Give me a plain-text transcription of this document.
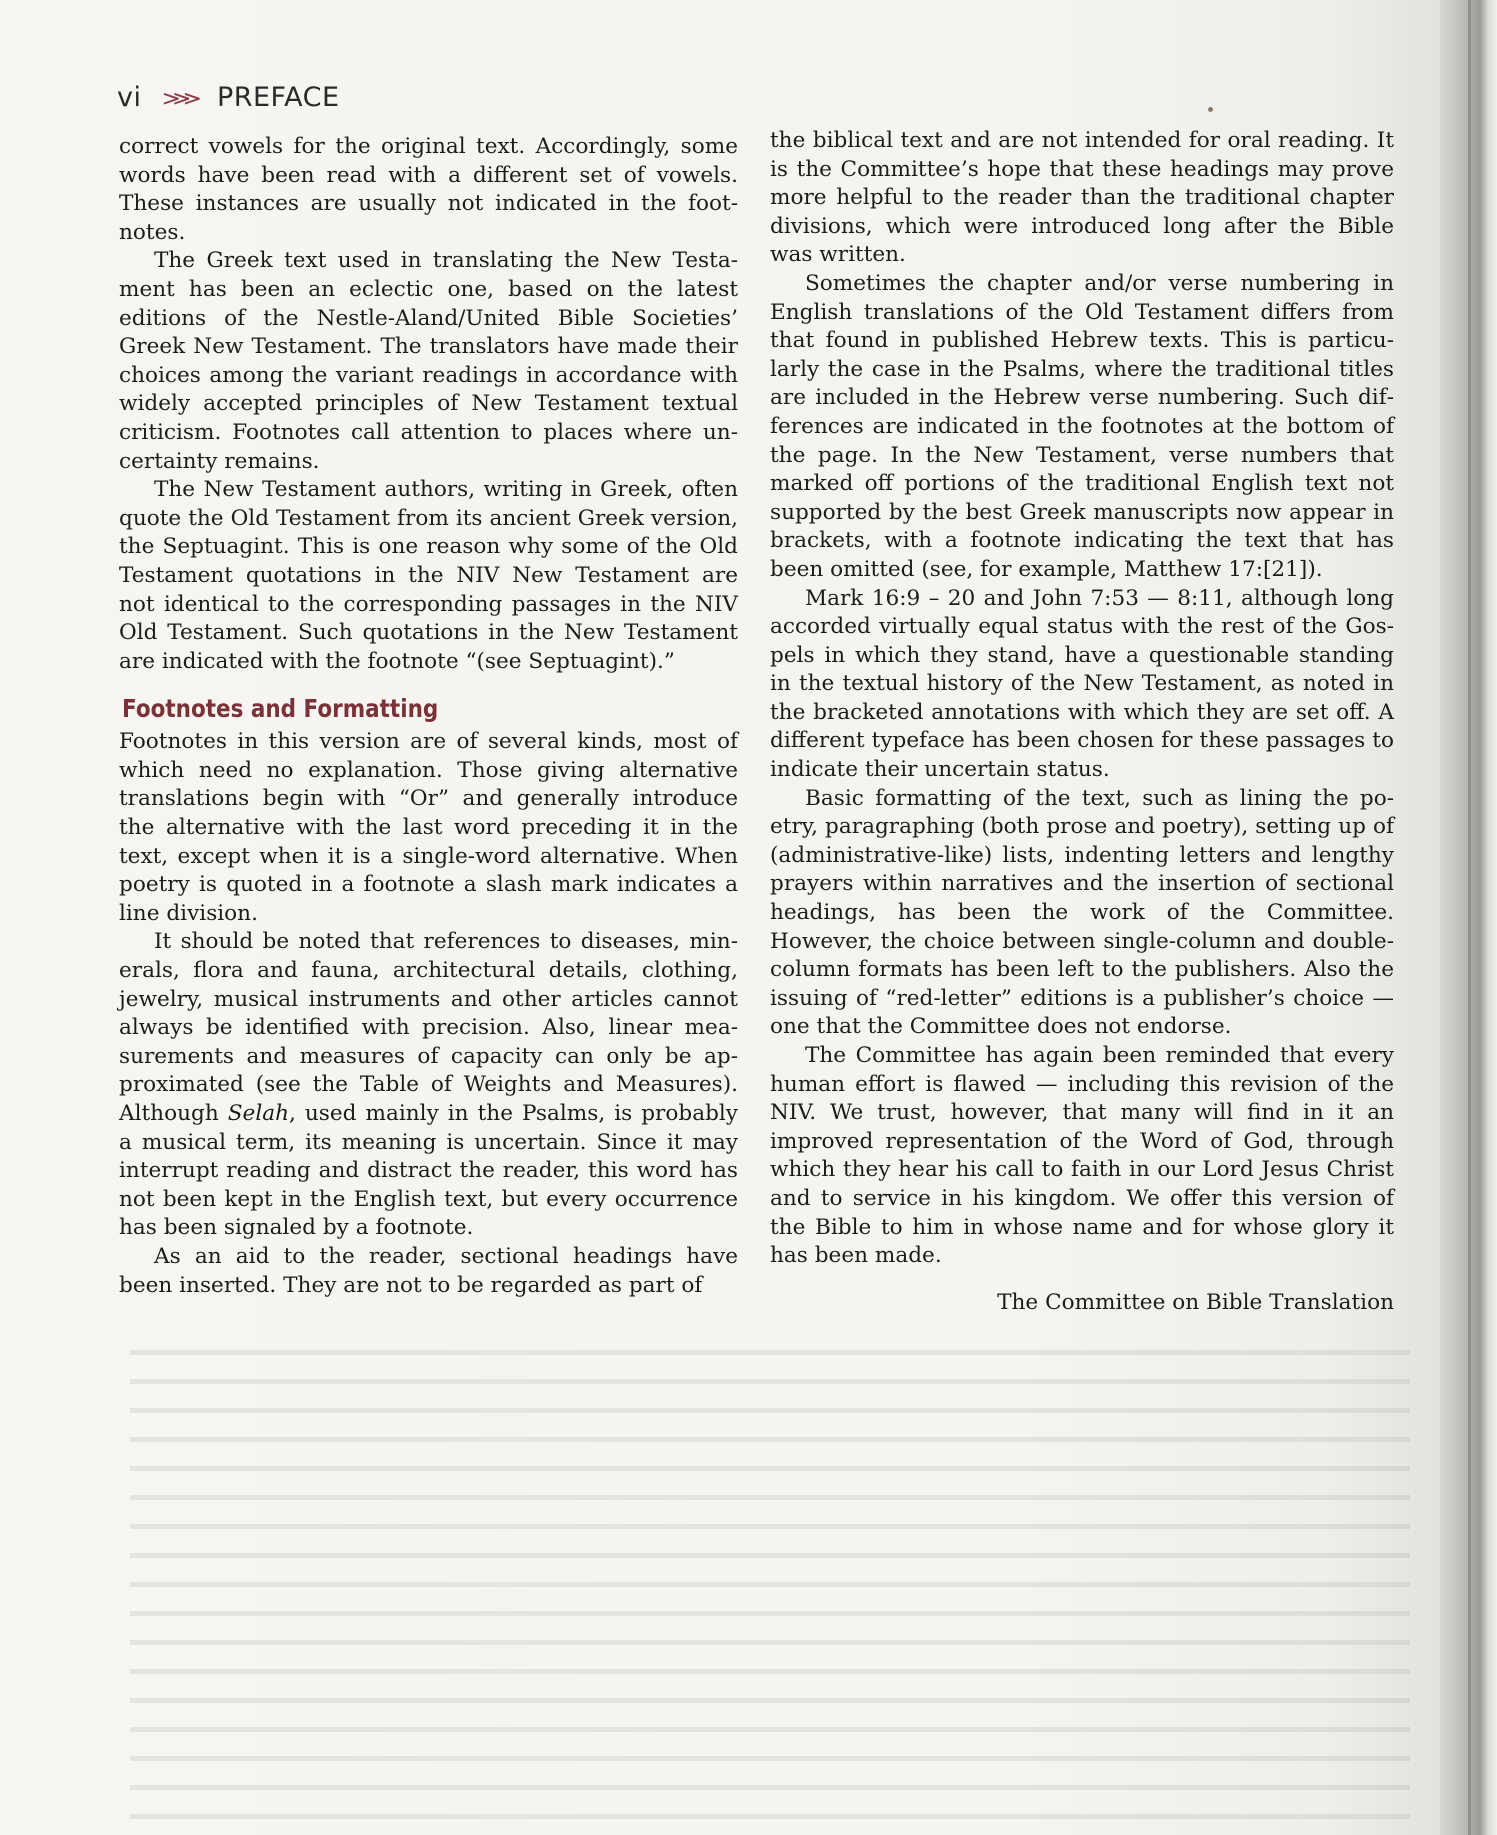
vi ⋙ PREFACE

correct vowels for the original text. Accordingly, some words have been read with a different set of vowels. These instances are usually not indicated in the footnotes.

The Greek text used in translating the New Testament has been an eclectic one, based on the latest editions of the Nestle-Aland/United Bible Societies’ Greek New Testament. The translators have made their choices among the variant readings in accordance with widely accepted principles of New Testament textual criticism. Footnotes call attention to places where uncertainty remains.

The New Testament authors, writing in Greek, often quote the Old Testament from its ancient Greek version, the Septuagint. This is one reason why some of the Old Testament quotations in the NIV New Testament are not identical to the corresponding passages in the NIV Old Testament. Such quotations in the New Testament are indicated with the footnote “(see Septuagint).”

Footnotes and Formatting

Footnotes in this version are of several kinds, most of which need no explanation. Those giving alternative translations begin with “Or” and generally introduce the alternative with the last word preceding it in the text, except when it is a single-word alternative. When poetry is quoted in a footnote a slash mark indicates a line division.

It should be noted that references to diseases, minerals, flora and fauna, architectural details, clothing, jewelry, musical instruments and other articles cannot always be identified with precision. Also, linear measurements and measures of capacity can only be approximated (see the Table of Weights and Measures). Although Selah, used mainly in the Psalms, is probably a musical term, its meaning is uncertain. Since it may interrupt reading and distract the reader, this word has not been kept in the English text, but every occurrence has been signaled by a footnote.

As an aid to the reader, sectional headings have been inserted. They are not to be regarded as part of

the biblical text and are not intended for oral reading. It is the Committee’s hope that these headings may prove more helpful to the reader than the traditional chapter divisions, which were introduced long after the Bible was written.

Sometimes the chapter and/or verse numbering in English translations of the Old Testament differs from that found in published Hebrew texts. This is particularly the case in the Psalms, where the traditional titles are included in the Hebrew verse numbering. Such differences are indicated in the footnotes at the bottom of the page. In the New Testament, verse numbers that marked off portions of the traditional English text not supported by the best Greek manuscripts now appear in brackets, with a footnote indicating the text that has been omitted (see, for example, Matthew 17:[21]).

Mark 16:9 – 20 and John 7:53 — 8:11, although long accorded virtually equal status with the rest of the Gospels in which they stand, have a questionable standing in the textual history of the New Testament, as noted in the bracketed annotations with which they are set off. A different typeface has been chosen for these passages to indicate their uncertain status.

Basic formatting of the text, such as lining the poetry, paragraphing (both prose and poetry), setting up of (administrative-like) lists, indenting letters and lengthy prayers within narratives and the insertion of sectional headings, has been the work of the Committee. However, the choice between single-column and double-column formats has been left to the publishers. Also the issuing of “red-letter” editions is a publisher’s choice — one that the Committee does not endorse.

The Committee has again been reminded that every human effort is flawed — including this revision of the NIV. We trust, however, that many will find in it an improved representation of the Word of God, through which they hear his call to faith in our Lord Jesus Christ and to service in his kingdom. We offer this version of the Bible to him in whose name and for whose glory it has been made.

The Committee on Bible Translation
